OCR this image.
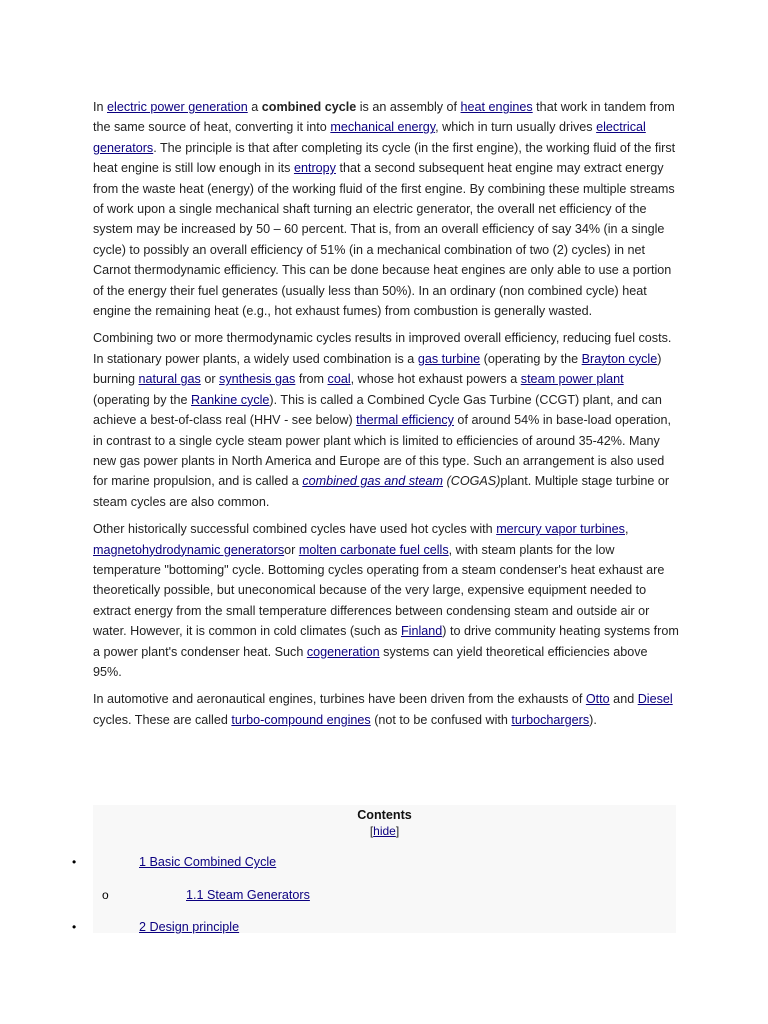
In electric power generation a combined cycle is an assembly of heat engines that work in tandem from the same source of heat, converting it into mechanical energy, which in turn usually drives electrical generators. The principle is that after completing its cycle (in the first engine), the working fluid of the first heat engine is still low enough in its entropy that a second subsequent heat engine may extract energy from the waste heat (energy) of the working fluid of the first engine. By combining these multiple streams of work upon a single mechanical shaft turning an electric generator, the overall net efficiency of the system may be increased by 50 – 60 percent. That is, from an overall efficiency of say 34% (in a single cycle) to possibly an overall efficiency of 51% (in a mechanical combination of two (2) cycles) in net Carnot thermodynamic efficiency. This can be done because heat engines are only able to use a portion of the energy their fuel generates (usually less than 50%). In an ordinary (non combined cycle) heat engine the remaining heat (e.g., hot exhaust fumes) from combustion is generally wasted.

Combining two or more thermodynamic cycles results in improved overall efficiency, reducing fuel costs. In stationary power plants, a widely used combination is a gas turbine (operating by the Brayton cycle) burning natural gas or synthesis gas from coal, whose hot exhaust powers a steam power plant (operating by the Rankine cycle). This is called a Combined Cycle Gas Turbine (CCGT) plant, and can achieve a best-of-class real (HHV - see below) thermal efficiency of around 54% in base-load operation, in contrast to a single cycle steam power plant which is limited to efficiencies of around 35-42%. Many new gas power plants in North America and Europe are of this type. Such an arrangement is also used for marine propulsion, and is called a combined gas and steam (COGAS)plant. Multiple stage turbine or steam cycles are also common.

Other historically successful combined cycles have used hot cycles with mercury vapor turbines, magnetohydrodynamic generatorsor molten carbonate fuel cells, with steam plants for the low temperature "bottoming" cycle. Bottoming cycles operating from a steam condenser's heat exhaust are theoretically possible, but uneconomical because of the very large, expensive equipment needed to extract energy from the small temperature differences between condensing steam and outside air or water. However, it is common in cold climates (such as Finland) to drive community heating systems from a power plant's condenser heat. Such cogeneration systems can yield theoretical efficiencies above 95%.

In automotive and aeronautical engines, turbines have been driven from the exhausts of Otto and Diesel cycles. These are called turbo-compound engines (not to be confused with turbochargers).

Contents
[hide]
•	1 Basic Combined Cycle
o	1.1 Steam Generators
•	2 Design principle
